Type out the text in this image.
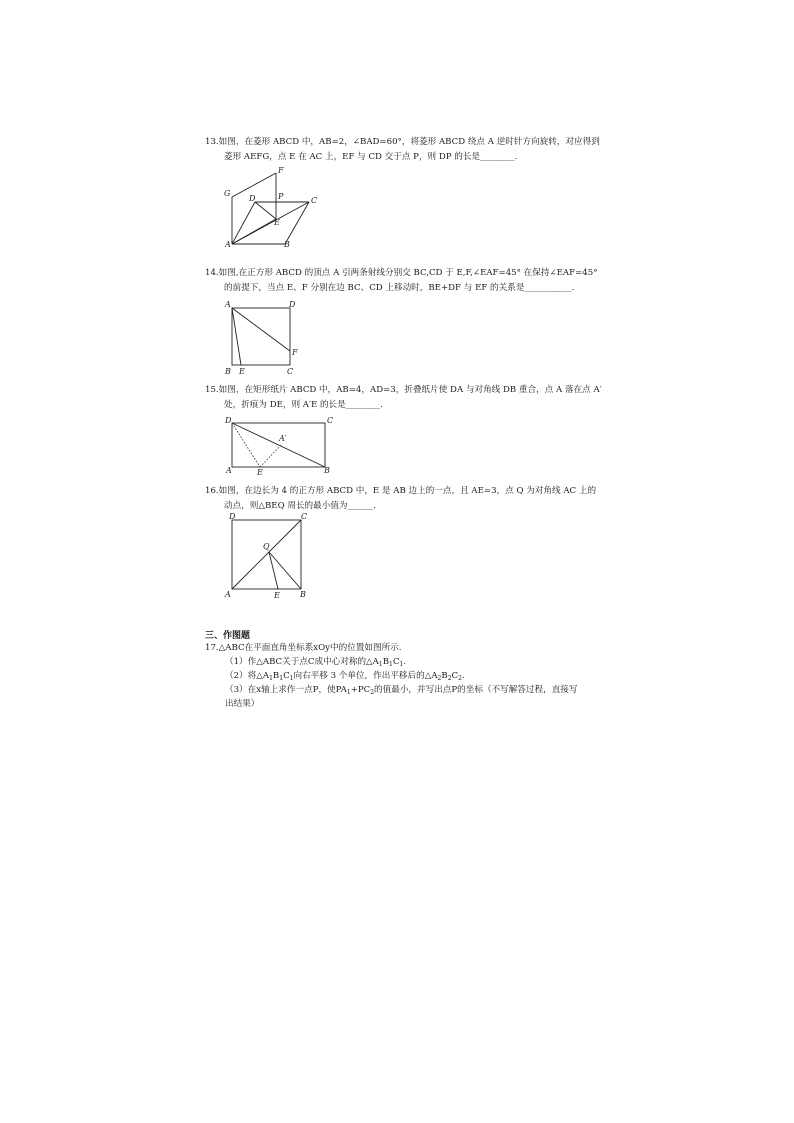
13.如图，在菱形 ABCD 中，AB=2，∠BAD=60°，将菱形 ABCD 绕点 A 逆时针方向旋转，对应得到
菱形 AEFG，点 E 在 AC 上，EF 与 CD 交于点 P，则 DP 的长是________.
G
F
D	P	C
E
A	B
14.如图,在正方形 ABCD 的顶点 A 引两条射线分别交 BC,CD 于 E,F,∠EAF=45° 在保持∠EAF=45°
的前提下，当点 E、F 分别在边 BC、CD 上移动时，BE+DF 与 EF 的关系是___________.
A	D
F
B E	C
15.如图，在矩形纸片 ABCD 中，AB=4，AD=3，折叠纸片使 DA 与对角线 DB 重合，点 A 落在点 A′
处，折痕为 DE，则 A′E 的长是________.
D	C
A′
A	E	B
16.如图，在边长为 4 的正方形 ABCD 中，E 是 AB 边上的一点，且 AE=3，点 Q 为对角线 AC 上的
动点，则△BEQ 周长的最小值为______.
D	C
Q
A	E	B
三、作图题
17.△ABC在平面直角坐标系xOy中的位置如图所示.
（1）作△ABC关于点C成中心对称的$\triangle A_1B_1C_1$.
（2）将$\triangle A_1B_1C_1$向右平移 3 个单位，作出平移后的$\triangle A_2B_2C_2$.
（3）在x轴上求作一点P，使$PA_1+PC_2$的值最小，并写出点P的坐标（不写解答过程，直接写
出结果）
